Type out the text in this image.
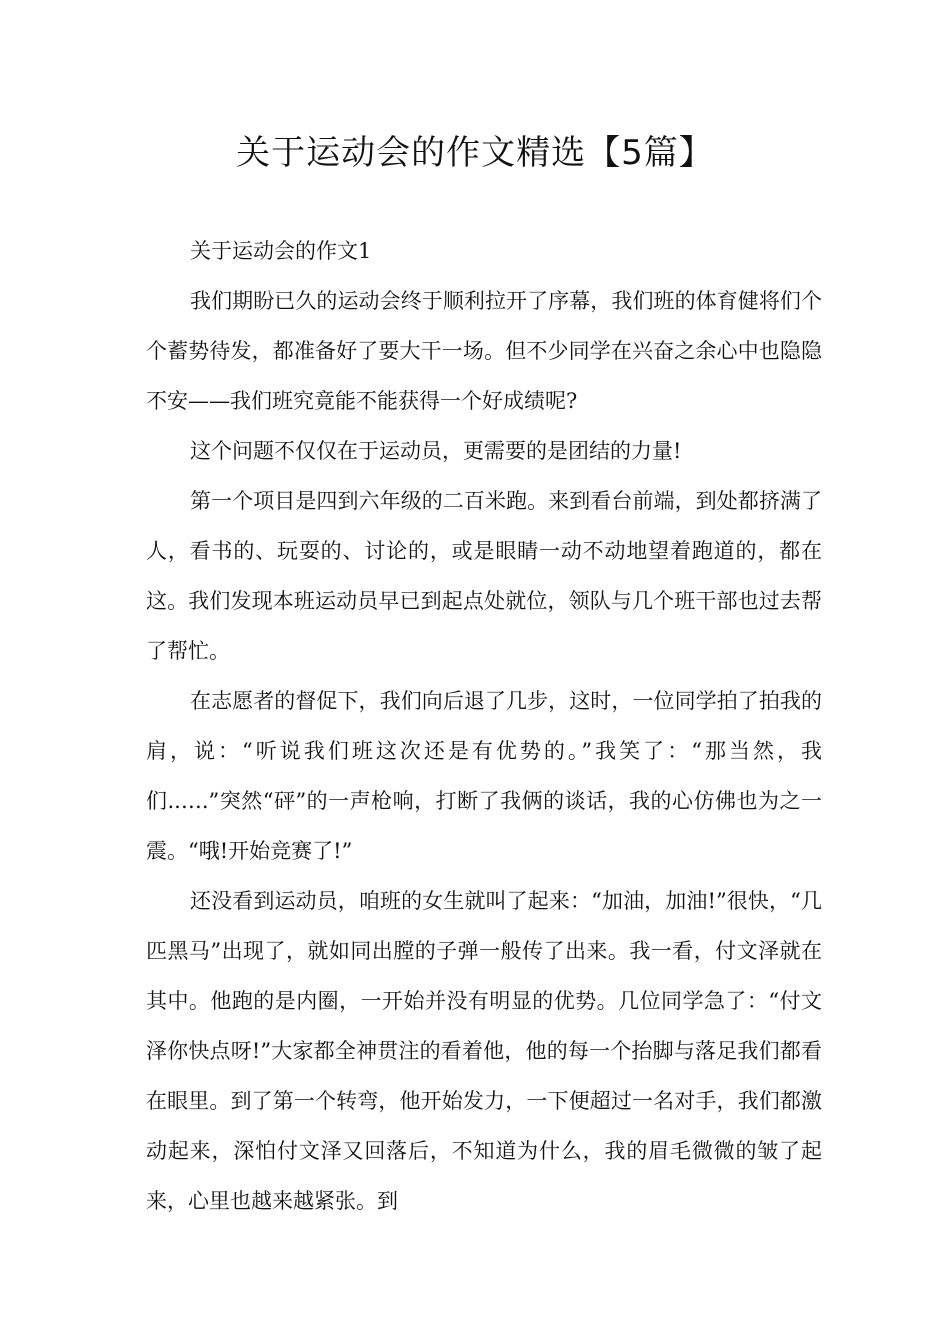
关于运动会的作文精选【5篇】

关于运动会的作文1

我们期盼已久的运动会终于顺利拉开了序幕，我们班的体育健将们个个蓄势待发，都准备好了要大干一场。但不少同学在兴奋之余心中也隐隐不安——我们班究竟能不能获得一个好成绩呢?

这个问题不仅仅在于运动员，更需要的是团结的力量!

第一个项目是四到六年级的二百米跑。来到看台前端，到处都挤满了人，看书的、玩耍的、讨论的，或是眼睛一动不动地望着跑道的，都在这。我们发现本班运动员早已到起点处就位，领队与几个班干部也过去帮了帮忙。

在志愿者的督促下，我们向后退了几步，这时，一位同学拍了拍我的肩，说：“听说我们班这次还是有优势的。”我笑了：“那当然，我们..….”突然“砰”的一声枪响，打断了我俩的谈话，我的心仿佛也为之一震。“哦!开始竞赛了!”

还没看到运动员，咱班的女生就叫了起来：“加油，加油!”很快，“几匹黑马”出现了，就如同出膛的子弹一般传了出来。我一看，付文泽就在其中。他跑的是内圈，一开始并没有明显的优势。几位同学急了：“付文泽你快点呀!”大家都全神贯注的看着他，他的每一个抬脚与落足我们都看在眼里。到了第一个转弯，他开始发力，一下便超过一名对手，我们都激动起来，深怕付文泽又回落后，不知道为什么，我的眉毛微微的皱了起来，心里也越来越紧张。到
